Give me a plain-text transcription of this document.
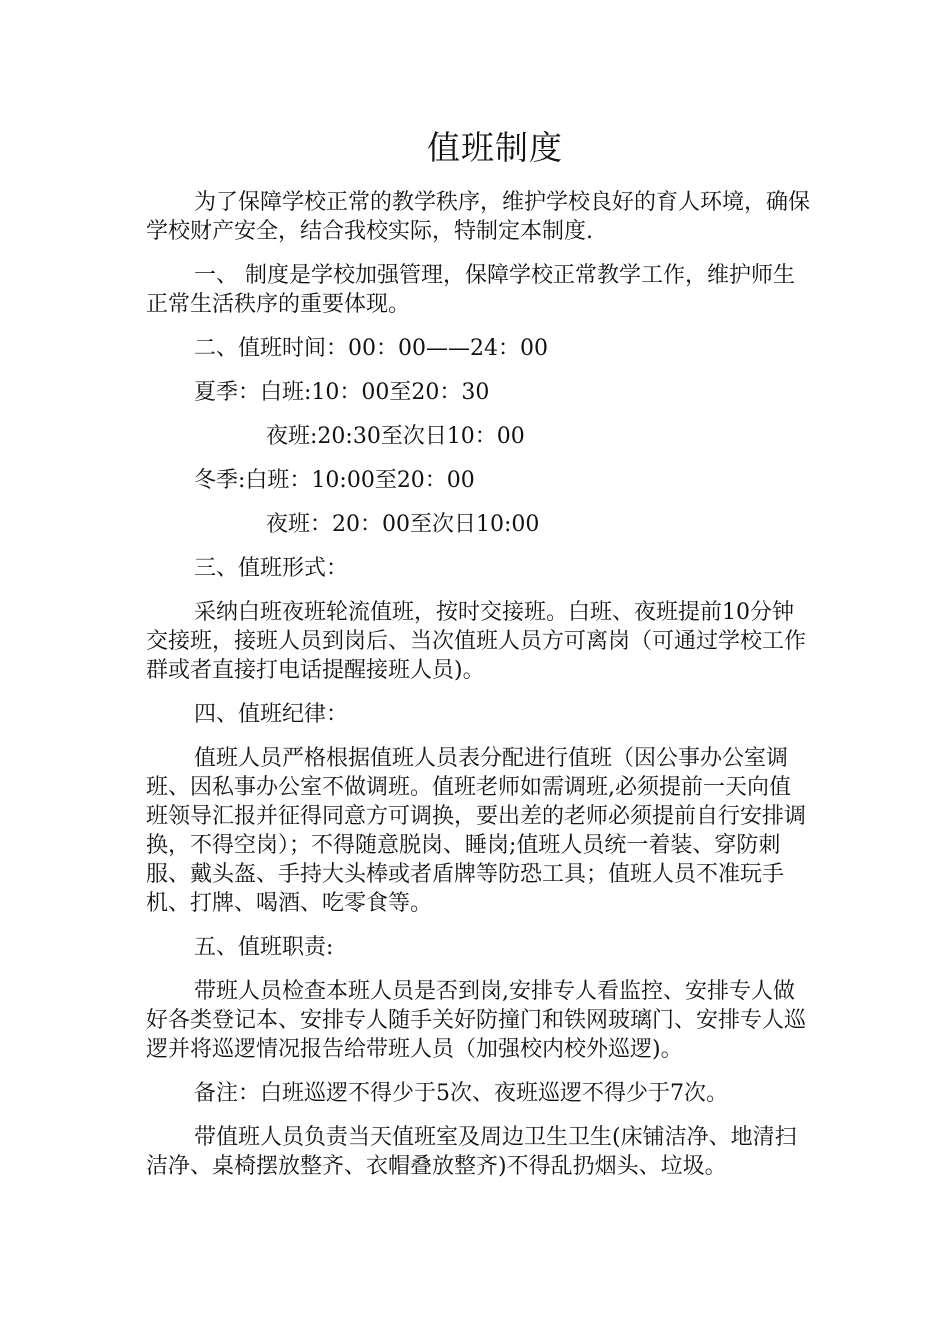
值班制度

为了保障学校正常的教学秩序，维护学校良好的育人环境，确保学校财产安全，结合我校实际，特制定本制度.

一、 制度是学校加强管理，保障学校正常教学工作，维护师生正常生活秩序的重要体现。

二、值班时间：00：00——24：00

夏季：白班:10：00至20：30

夜班:20:30至次日10：00

冬季:白班：10:00至20：00

夜班：20：00至次日10:00

三、值班形式：

采纳白班夜班轮流值班，按时交接班。白班、夜班提前10分钟交接班，接班人员到岗后、当次值班人员方可离岗（可通过学校工作群或者直接打电话提醒接班人员)。

四、值班纪律：

值班人员严格根据值班人员表分配进行值班（因公事办公室调班、因私事办公室不做调班。值班老师如需调班,必须提前一天向值班领导汇报并征得同意方可调换，要出差的老师必须提前自行安排调换，不得空岗）；不得随意脱岗、睡岗;值班人员统一着装、穿防刺服、戴头盔、手持大头棒或者盾牌等防恐工具；值班人员不准玩手机、打牌、喝酒、吃零食等。

五、值班职责:

带班人员检查本班人员是否到岗,安排专人看监控、安排专人做好各类登记本、安排专人随手关好防撞门和铁网玻璃门、安排专人巡逻并将巡逻情况报告给带班人员（加强校内校外巡逻)。

备注：白班巡逻不得少于5次、夜班巡逻不得少于7次。

带值班人员负责当天值班室及周边卫生卫生(床铺洁净、地清扫洁净、桌椅摆放整齐、衣帽叠放整齐)不得乱扔烟头、垃圾。
